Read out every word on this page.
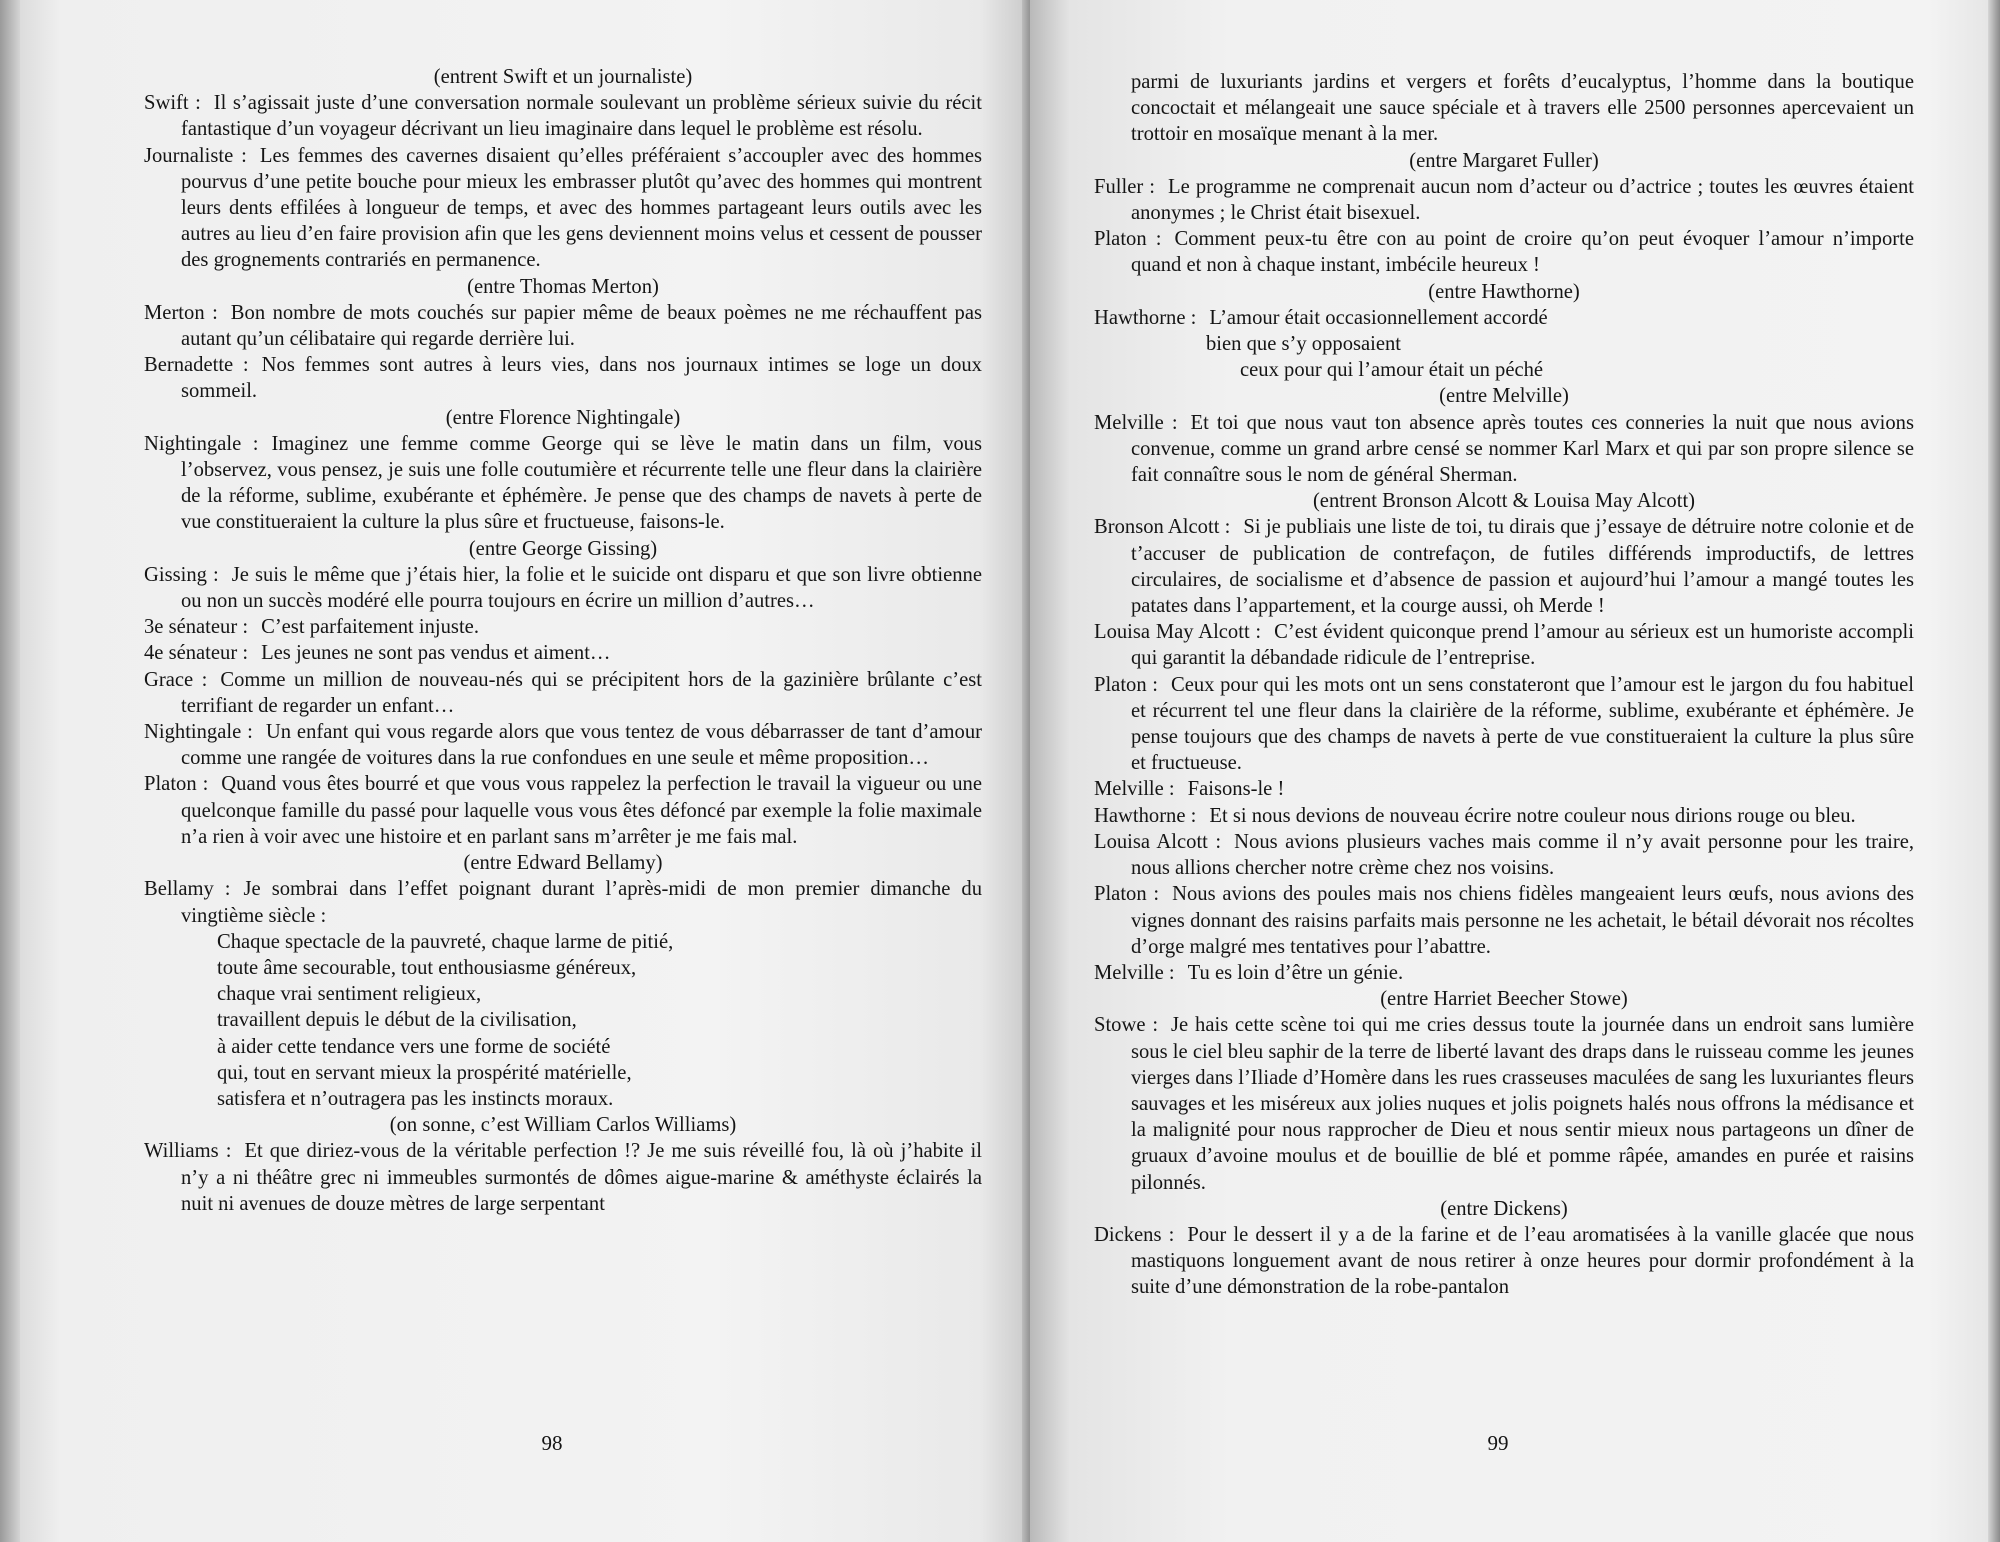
(entrent Swift et un journaliste)

Swift : Il s’agissait juste d’une conversation normale soulevant un problème sérieux suivie du récit fantastique d’un voyageur décrivant un lieu imaginaire dans lequel le problème est résolu.

Journaliste : Les femmes des cavernes disaient qu’elles préféraient s’accoupler avec des hommes pourvus d’une petite bouche pour mieux les embrasser plutôt qu’avec des hommes qui montrent leurs dents effilées à longueur de temps, et avec des hommes partageant leurs outils avec les autres au lieu d’en faire provision afin que les gens deviennent moins velus et cessent de pousser des grognements contrariés en permanence.

(entre Thomas Merton)

Merton : Bon nombre de mots couchés sur papier même de beaux poèmes ne me réchauffent pas autant qu’un célibataire qui regarde derrière lui.

Bernadette : Nos femmes sont autres à leurs vies, dans nos journaux intimes se loge un doux sommeil.

(entre Florence Nightingale)

Nightingale : Imaginez une femme comme George qui se lève le matin dans un film, vous l’observez, vous pensez, je suis une folle coutumière et récurrente telle une fleur dans la clairière de la réforme, sublime, exubérante et éphémère. Je pense que des champs de navets à perte de vue constitueraient la culture la plus sûre et fructueuse, faisons-le.

(entre George Gissing)

Gissing : Je suis le même que j’étais hier, la folie et le suicide ont disparu et que son livre obtienne ou non un succès modéré elle pourra toujours en écrire un million d’autres…

3e sénateur : C’est parfaitement injuste.

4e sénateur : Les jeunes ne sont pas vendus et aiment…

Grace : Comme un million de nouveau-nés qui se précipitent hors de la gazinière brûlante c’est terrifiant de regarder un enfant…

Nightingale : Un enfant qui vous regarde alors que vous tentez de vous débarrasser de tant d’amour comme une rangée de voitures dans la rue confondues en une seule et même proposition…

Platon : Quand vous êtes bourré et que vous vous rappelez la perfection le travail la vigueur ou une quelconque famille du passé pour laquelle vous vous êtes défoncé par exemple la folie maximale n’a rien à voir avec une histoire et en parlant sans m’arrêter je me fais mal.

(entre Edward Bellamy)

Bellamy : Je sombrai dans l’effet poignant durant l’après-midi de mon premier dimanche du vingtième siècle :

Chaque spectacle de la pauvreté, chaque larme de pitié,

toute âme secourable, tout enthousiasme généreux,

chaque vrai sentiment religieux,

travaillent depuis le début de la civilisation,

à aider cette tendance vers une forme de société

qui, tout en servant mieux la prospérité matérielle,

satisfera et n’outragera pas les instincts moraux.

(on sonne, c’est William Carlos Williams)

Williams : Et que diriez-vous de la véritable perfection !? Je me suis réveillé fou, là où j’habite il n’y a ni théâtre grec ni immeubles surmontés de dômes aigue-marine & améthyste éclairés la nuit ni avenues de douze mètres de large serpentant

98

parmi de luxuriants jardins et vergers et forêts d’eucalyptus, l’homme dans la boutique concoctait et mélangeait une sauce spéciale et à travers elle 2500 personnes apercevaient un trottoir en mosaïque menant à la mer.

(entre Margaret Fuller)

Fuller : Le programme ne comprenait aucun nom d’acteur ou d’actrice ; toutes les œuvres étaient anonymes ; le Christ était bisexuel.

Platon : Comment peux-tu être con au point de croire qu’on peut évoquer l’amour n’importe quand et non à chaque instant, imbécile heureux !

(entre Hawthorne)

Hawthorne : L’amour était occasionnellement accordé

bien que s’y opposaient

ceux pour qui l’amour était un péché

(entre Melville)

Melville : Et toi que nous vaut ton absence après toutes ces conneries la nuit que nous avions convenue, comme un grand arbre censé se nommer Karl Marx et qui par son propre silence se fait connaître sous le nom de général Sherman.

(entrent Bronson Alcott & Louisa May Alcott)

Bronson Alcott : Si je publiais une liste de toi, tu dirais que j’essaye de détruire notre colonie et de t’accuser de publication de contrefaçon, de futiles différends improductifs, de lettres circulaires, de socialisme et d’absence de passion et aujourd’hui l’amour a mangé toutes les patates dans l’appartement, et la courge aussi, oh Merde !

Louisa May Alcott : C’est évident quiconque prend l’amour au sérieux est un humoriste accompli qui garantit la débandade ridicule de l’entreprise.

Platon : Ceux pour qui les mots ont un sens constateront que l’amour est le jargon du fou habituel et récurrent tel une fleur dans la clairière de la réforme, sublime, exubérante et éphémère. Je pense toujours que des champs de navets à perte de vue constitueraient la culture la plus sûre et fructueuse.

Melville : Faisons-le !

Hawthorne : Et si nous devions de nouveau écrire notre couleur nous dirions rouge ou bleu.

Louisa Alcott : Nous avions plusieurs vaches mais comme il n’y avait personne pour les traire, nous allions chercher notre crème chez nos voisins.

Platon : Nous avions des poules mais nos chiens fidèles mangeaient leurs œufs, nous avions des vignes donnant des raisins parfaits mais personne ne les achetait, le bétail dévorait nos récoltes d’orge malgré mes tentatives pour l’abattre.

Melville : Tu es loin d’être un génie.

(entre Harriet Beecher Stowe)

Stowe : Je hais cette scène toi qui me cries dessus toute la journée dans un endroit sans lumière sous le ciel bleu saphir de la terre de liberté lavant des draps dans le ruisseau comme les jeunes vierges dans l’Iliade d’Homère dans les rues crasseuses maculées de sang les luxuriantes fleurs sauvages et les miséreux aux jolies nuques et jolis poignets halés nous offrons la médisance et la malignité pour nous rapprocher de Dieu et nous sentir mieux nous partageons un dîner de gruaux d’avoine moulus et de bouillie de blé et pomme râpée, amandes en purée et raisins pilonnés.

(entre Dickens)

Dickens : Pour le dessert il y a de la farine et de l’eau aromatisées à la vanille glacée que nous mastiquons longuement avant de nous retirer à onze heures pour dormir profondément à la suite d’une démonstration de la robe-pantalon

99
